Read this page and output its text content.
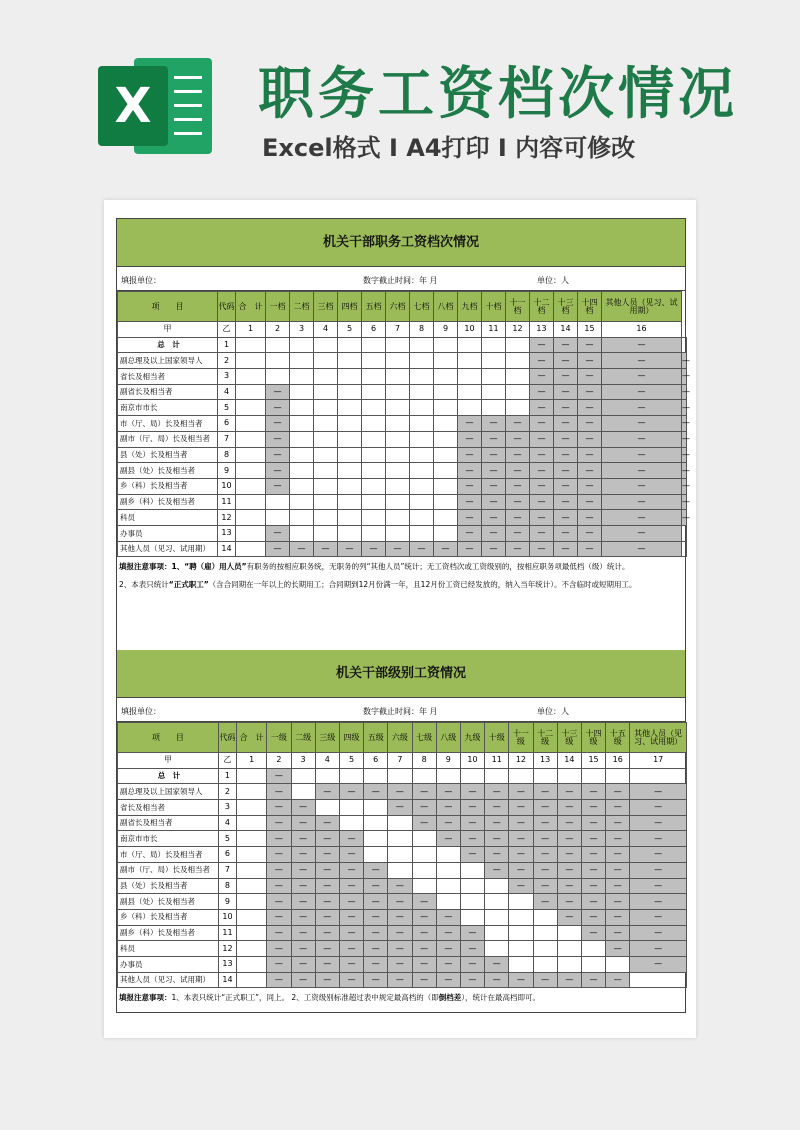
X 职务工资档次情况
Excel格式 I A4打印 I 内容可修改
机关干部职务工资档次情况
填报单位：	数字截止时间：年 月	单位：人
项　　目	代码	合　计	一档	二档	三档	四档	五档	六档	七档	八档	九档	十档	十一档	十二档	十三档	十四档	其他人员（见习、试用期）	
甲	乙	1	2	3	4	5	6	7	8	9	10	11	12	13	14	15	16	
总　计	1													—	—	—	—	
副总理及以上国家领导人	2													—	—	—	—	—
省长及相当者	3													—	—	—	—	—
副省长及相当者	4		—											—	—	—	—	—
南京市市长	5		—											—	—	—	—	—
市（厅、局）长及相当者	6		—								—	—	—	—	—	—	—	—
副市（厅、局）长及相当者	7		—								—	—	—	—	—	—	—	—
县（处）长及相当者	8		—								—	—	—	—	—	—	—	—
副县（处）长及相当者	9		—								—	—	—	—	—	—	—	—
乡（科）长及相当者	10		—								—	—	—	—	—	—	—	—
副乡（科）长及相当者	11										—	—	—	—	—	—	—	—
科员	12										—	—	—	—	—	—	—	—
办事员	13		—								—	—	—	—	—	—	—	
其他人员（见习、试用期）	14		—	—	—	—	—	—	—	—	—	—	—	—	—	—	—	
填报注意事项：1、“聘（雇）用人员”有职务的按相应职务统，无职务的列“其他人员”统计；无工资档次或工资级别的，按相应职务项最低档（级）统计。
2、本表只统计“正式职工”（含合同期在一年以上的长期用工；合同期到12月份满一年，且12月份工资已经发放的，纳入当年统计）。不含临时或短期用工。
机关干部级别工资情况
填报单位：	数字截止时间：年 月	单位：人
项　　目	代码	合　计	一级	二级	三级	四级	五级	六级	七级	八级	九级	十级	十一级	十二级	十三级	十四级	十五级	其他人员（见习、试用期）
甲	乙	1	2	3	4	5	6	7	8	9	10	11	12	13	14	15	16	17
总　计	1		—															
副总理及以上国家领导人	2		—		—	—	—	—	—	—	—	—	—	—	—	—	—	—
省长及相当者	3		—	—				—	—	—	—	—	—	—	—	—	—	—
副省长及相当者	4		—	—	—				—	—	—	—	—	—	—	—	—	—
南京市市长	5		—	—	—	—				—	—	—	—	—	—	—	—	—
市（厅、局）长及相当者	6		—	—	—	—					—	—	—	—	—	—	—	—
副市（厅、局）长及相当者	7		—	—	—	—	—					—	—	—	—	—	—	—
县（处）长及相当者	8		—	—	—	—	—	—					—	—	—	—	—	—
副县（处）长及相当者	9		—	—	—	—	—	—	—					—	—	—	—	—
乡（科）长及相当者	10		—	—	—	—	—	—	—	—					—	—	—	—
副乡（科）长及相当者	11		—	—	—	—	—	—	—	—	—					—	—	—
科员	12		—	—	—	—	—	—	—	—	—						—	—
办事员	13		—	—	—	—	—	—	—	—	—	—						—
其他人员（见习、试用期）	14		—	—	—	—	—	—	—	—	—	—	—	—	—	—	—	
填报注意事项：1、本表只统计“正式职工”，同上。 2、工资级别标准超过表中规定最高档的（即倒档差），统计在最高档即可。
